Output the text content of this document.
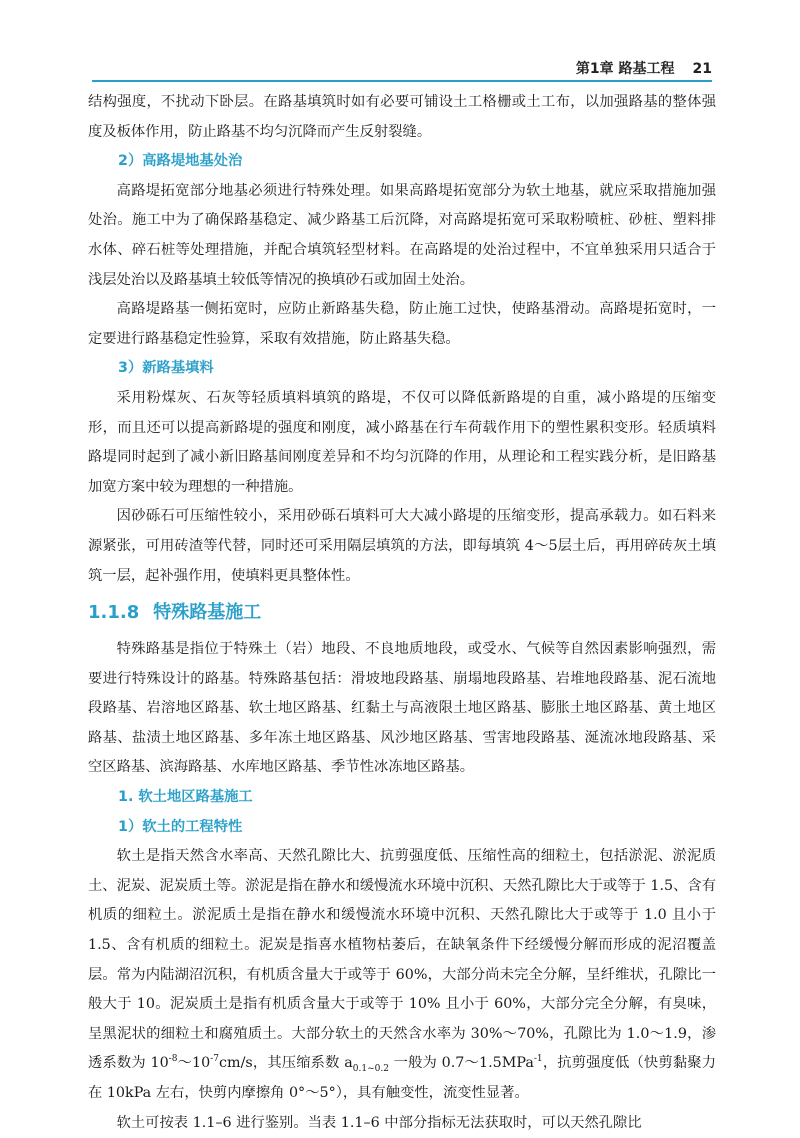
第1章 路基工程 21

结构强度，不扰动下卧层。在路基填筑时如有必要可铺设土工格栅或土工布，以加强路基的整体强度及板体作用，防止路基不均匀沉降而产生反射裂缝。

2）高路堤地基处治

高路堤拓宽部分地基必须进行特殊处理。如果高路堤拓宽部分为软土地基，就应采取措施加强处治。施工中为了确保路基稳定、减少路基工后沉降，对高路堤拓宽可采取粉喷桩、砂桩、塑料排水体、碎石桩等处理措施，并配合填筑轻型材料。在高路堤的处治过程中，不宜单独采用只适合于浅层处治以及路基填土较低等情况的换填砂石或加固土处治。

高路堤路基一侧拓宽时，应防止新路基失稳，防止施工过快，使路基滑动。高路堤拓宽时，一定要进行路基稳定性验算，采取有效措施，防止路基失稳。

3）新路基填料

采用粉煤灰、石灰等轻质填料填筑的路堤，不仅可以降低新路堤的自重，减小路堤的压缩变形，而且还可以提高新路堤的强度和刚度，减小路基在行车荷载作用下的塑性累积变形。轻质填料路堤同时起到了减小新旧路基间刚度差异和不均匀沉降的作用，从理论和工程实践分析，是旧路基加宽方案中较为理想的一种措施。

因砂砾石可压缩性较小，采用砂砾石填料可大大减小路堤的压缩变形，提高承载力。如石料来源紧张，可用砖渣等代替，同时还可采用隔层填筑的方法，即每填筑 4～5层土后，再用碎砖灰土填筑一层，起补强作用，使填料更具整体性。

1.1.8 特殊路基施工

特殊路基是指位于特殊土（岩）地段、不良地质地段，或受水、气候等自然因素影响强烈，需要进行特殊设计的路基。特殊路基包括：滑坡地段路基、崩塌地段路基、岩堆地段路基、泥石流地段路基、岩溶地区路基、软土地区路基、红黏土与高液限土地区路基、膨胀土地区路基、黄土地区路基、盐渍土地区路基、多年冻土地区路基、风沙地区路基、雪害地段路基、涎流冰地段路基、采空区路基、滨海路基、水库地区路基、季节性冰冻地区路基。

1. 软土地区路基施工
1）软土的工程特性

软土是指天然含水率高、天然孔隙比大、抗剪强度低、压缩性高的细粒土，包括淤泥、淤泥质土、泥炭、泥炭质土等。淤泥是指在静水和缓慢流水环境中沉积、天然孔隙比大于或等于 1.5、含有机质的细粒土。淤泥质土是指在静水和缓慢流水环境中沉积、天然孔隙比大于或等于 1.0 且小于 1.5、含有机质的细粒土。泥炭是指喜水植物枯萎后，在缺氧条件下经缓慢分解而形成的泥沼覆盖层。常为内陆湖沼沉积，有机质含量大于或等于 60%，大部分尚未完全分解，呈纤维状，孔隙比一般大于 10。泥炭质土是指有机质含量大于或等于 10% 且小于 60%，大部分完全分解，有臭味，呈黑泥状的细粒土和腐殖质土。大部分软土的天然含水率为 30%～70%，孔隙比为 1.0～1.9，渗透系数为 $10^{-8}\sim 10^{-7}cm/s$，其压缩系数 $a_{0.1\sim 0.2}$ 一般为 0.7～1.5MPa$^{-1}$，抗剪强度低（快剪黏聚力在 10kPa 左右，快剪内摩擦角 0°～5°），具有触变性，流变性显著。

软土可按表 1.1–6 进行鉴别。当表 1.1–6 中部分指标无法获取时，可以天然孔隙比
